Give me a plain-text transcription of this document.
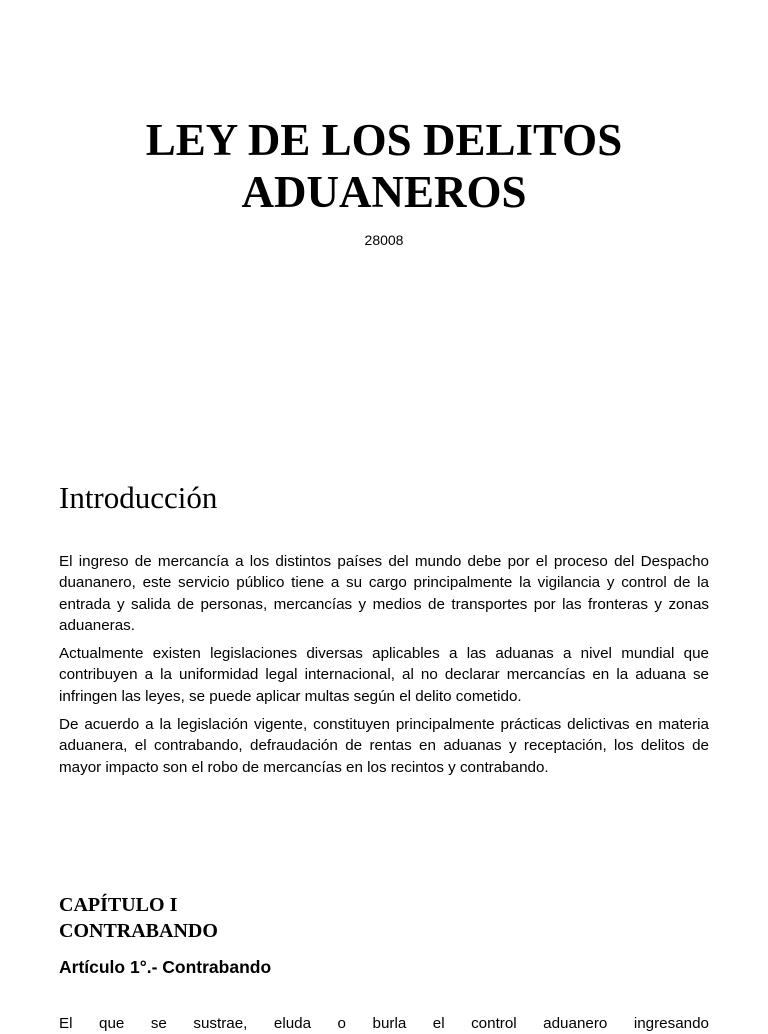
LEY DE LOS DELITOS
ADUANEROS
28008
Introducción

El ingreso de mercancía a los distintos países del mundo debe por el proceso del Despacho duananero, este servicio público tiene a su cargo principalmente la vigilancia y control de la entrada y salida de personas, mercancías y medios de transportes por las fronteras y zonas aduaneras.

Actualmente existen legislaciones diversas aplicables a las aduanas a nivel mundial que contribuyen a la uniformidad legal internacional, al no declarar mercancías en la aduana se infringen las leyes, se puede aplicar multas según el delito cometido.

De acuerdo a la legislación vigente, constituyen principalmente prácticas delictivas en materia aduanera, el contrabando, defraudación de rentas en aduanas y receptación, los delitos de mayor impacto son el robo de mercancías en los recintos y contrabando.

CAPÍTULO I
CONTRABANDO
Artículo 1°.- Contrabando
El que se sustrae, eluda o burla el control aduanero ingresando
